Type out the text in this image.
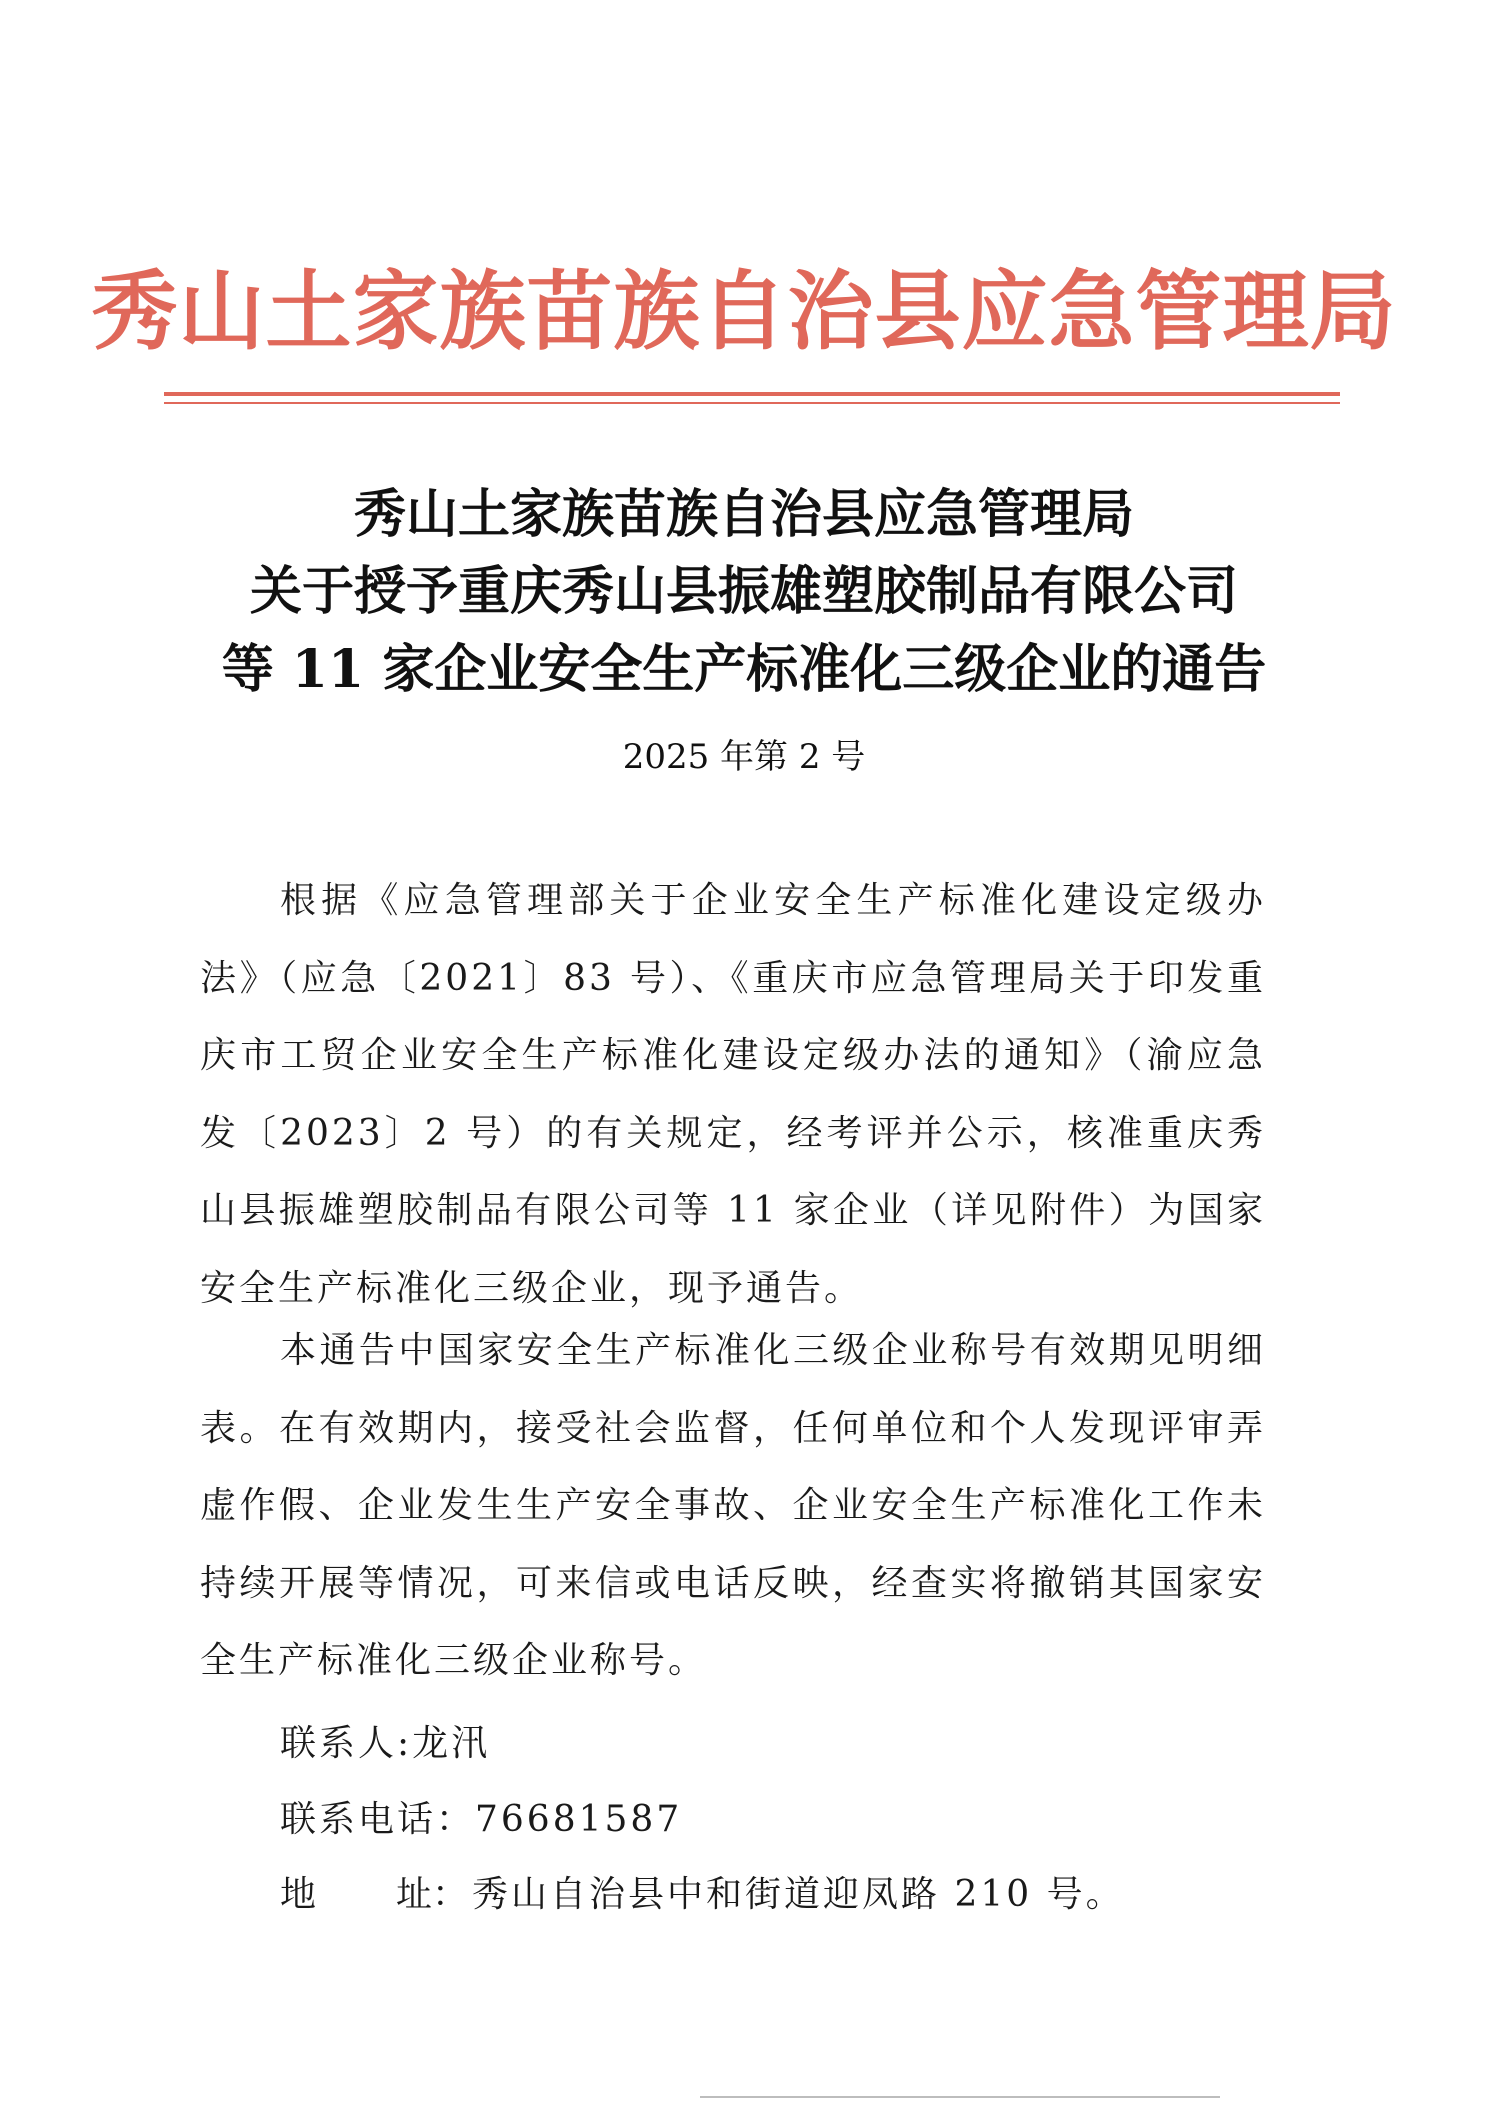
秀山土家族苗族自治县应急管理局
秀山土家族苗族自治县应急管理局
关于授予重庆秀山县振雄塑胶制品有限公司
等 11 家企业安全生产标准化三级企业的通告
2025 年第 2 号

根据《应急管理部关于企业安全生产标准化建设定级办法》（应急〔2021〕83 号）、《重庆市应急管理局关于印发重庆市工贸企业安全生产标准化建设定级办法的通知》（渝应急发〔2023〕2 号）的有关规定，经考评并公示，核准重庆秀山县振雄塑胶制品有限公司等 11 家企业（详见附件）为国家安全生产标准化三级企业，现予通告。

本通告中国家安全生产标准化三级企业称号有效期见明细表。在有效期内，接受社会监督，任何单位和个人发现评审弄虚作假、企业发生生产安全事故、企业安全生产标准化工作未持续开展等情况，可来信或电话反映，经查实将撤销其国家安全生产标准化三级企业称号。

联系人:龙汛
联系电话：76681587
地 址： 秀山自治县中和街道迎凤路 210 号。
